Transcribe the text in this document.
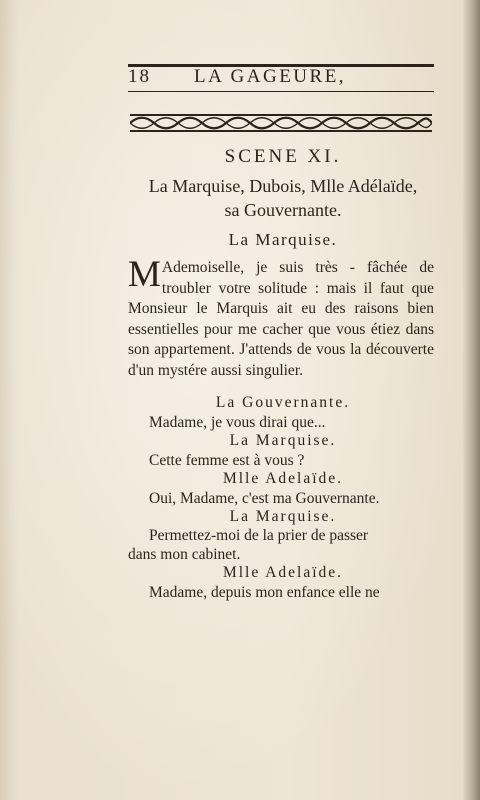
18 LA GAGEURE,
SCENE XI.
La Marquise, Dubois, Mlle Adélaïde,
sa Gouvernante.
La Marquise.
M Ademoiselle, je suis très - fâchée de troubler votre solitude : mais il faut que Monsieur le Marquis ait eu des raisons bien essentielles pour me cacher que vous étiez dans son appartement. J'attends de vous la découverte d'un mystére aussi singulier.
La Gouvernante.
Madame, je vous dirai que...
La Marquise.
Cette femme est à vous ?
Mlle Adelaïde.
Oui, Madame, c'est ma Gouvernante.
La Marquise.
Permettez-moi de la prier de passer
dans mon cabinet.
Mlle Adelaïde.
Madame, depuis mon enfance elle ne
